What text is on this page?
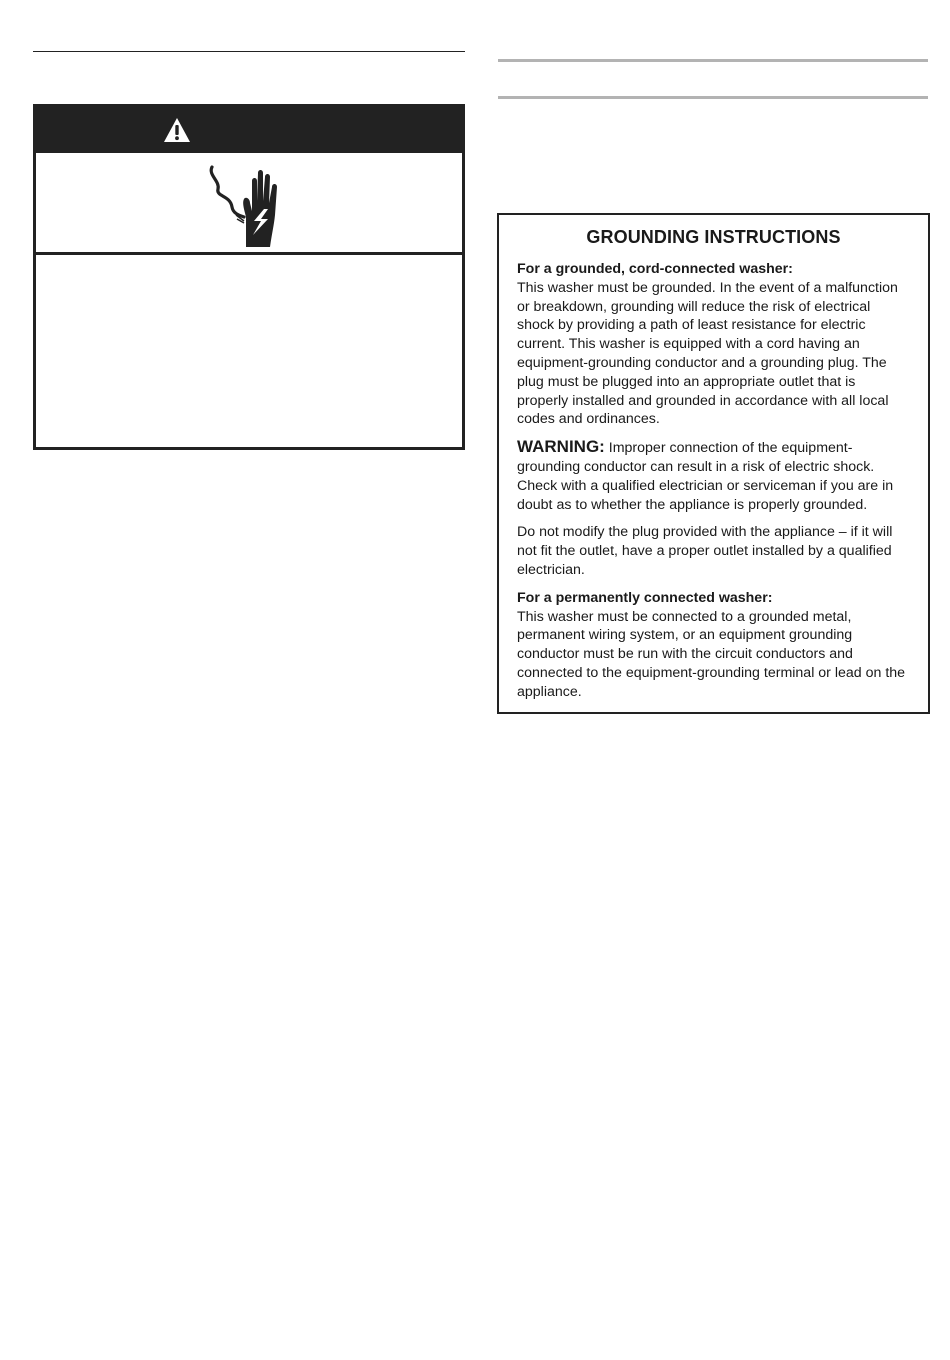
GROUNDING INSTRUCTIONS

For a grounded, cord-connected washer:
This washer must be grounded. In the event of a malfunction or breakdown, grounding will reduce the risk of electrical shock by providing a path of least resistance for electric current. This washer is equipped with a cord having an equipment-grounding conductor and a grounding plug. The plug must be plugged into an appropriate outlet that is properly installed and grounded in accordance with all local codes and ordinances.

WARNING: Improper connection of the equipment-grounding conductor can result in a risk of electric shock. Check with a qualified electrician or serviceman if you are in doubt as to whether the appliance is properly grounded.

Do not modify the plug provided with the appliance – if it will not fit the outlet, have a proper outlet installed by a qualified electrician.

For a permanently connected washer:
This washer must be connected to a grounded metal, permanent wiring system, or an equipment grounding conductor must be run with the circuit conductors and connected to the equipment-grounding terminal or lead on the appliance.
